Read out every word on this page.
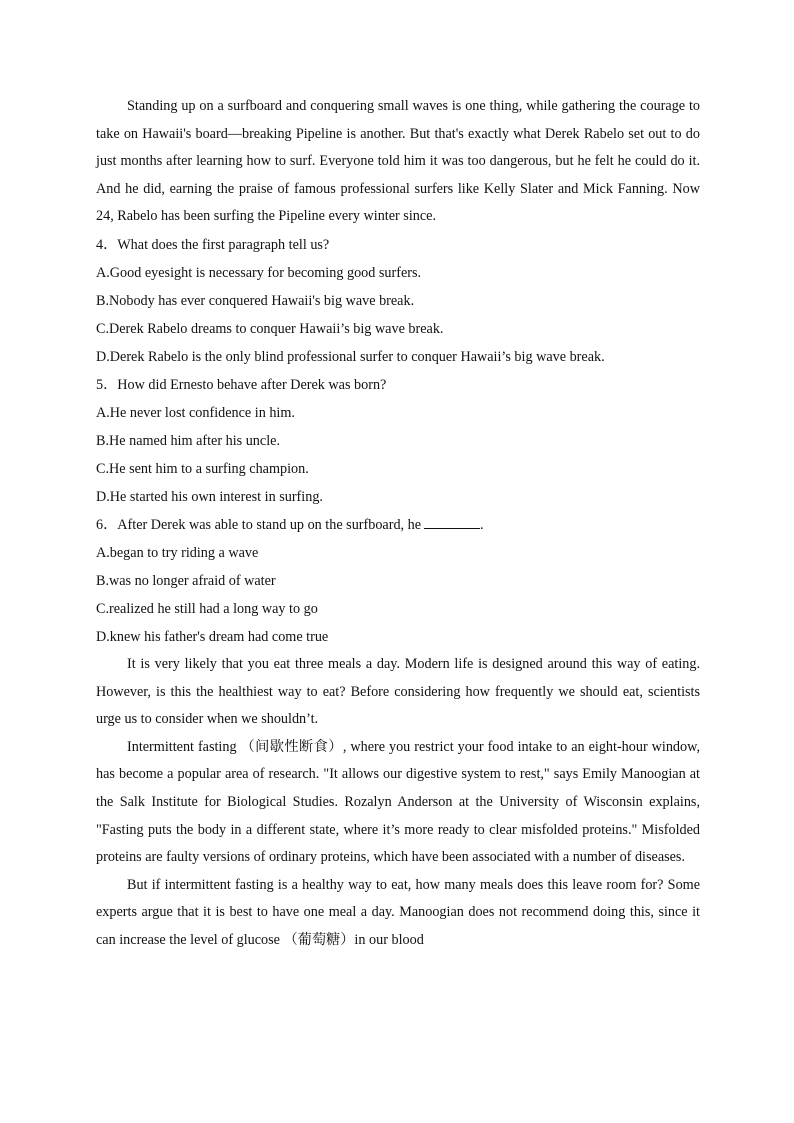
Standing up on a surfboard and conquering small waves is one thing, while gathering the courage to take on Hawaii's board—breaking Pipeline is another. But that's exactly what Derek Rabelo set out to do just months after learning how to surf. Everyone told him it was too dangerous, but he felt he could do it. And he did, earning the praise of famous professional surfers like Kelly Slater and Mick Fanning. Now 24, Rabelo has been surfing the Pipeline every winter since.

4．What does the first paragraph tell us?

A.Good eyesight is necessary for becoming good surfers.

B.Nobody has ever conquered Hawaii's big wave break.

C.Derek Rabelo dreams to conquer Hawaii’s big wave break.

D.Derek Rabelo is the only blind professional surfer to conquer Hawaii’s big wave break.

5．How did Ernesto behave after Derek was born?

A.He never lost confidence in him.

B.He named him after his uncle.

C.He sent him to a surfing champion.

D.He started his own interest in surfing.

6．After Derek was able to stand up on the surfboard, he	.

A.began to try riding a wave

B.was no longer afraid of water

C.realized he still had a long way to go

D.knew his father's dream had come true

It is very likely that you eat three meals a day. Modern life is designed around this way of eating. However, is this the healthiest way to eat? Before considering how frequently we should eat, scientists urge us to consider when we shouldn’t.

Intermittent fasting （间歇性断食）, where you restrict your food intake to an eight-hour window, has become a popular area of research. "It allows our digestive system to rest," says Emily Manoogian at the Salk Institute for Biological Studies. Rozalyn Anderson at the University of Wisconsin explains, "Fasting puts the body in a different state, where it’s more ready to clear misfolded proteins." Misfolded proteins are faulty versions of ordinary proteins, which have been associated with a number of diseases.

But if intermittent fasting is a healthy way to eat, how many meals does this leave room for? Some experts argue that it is best to have one meal a day. Manoogian does not recommend doing this, since it can increase the level of glucose （葡萄糖）in our blood
